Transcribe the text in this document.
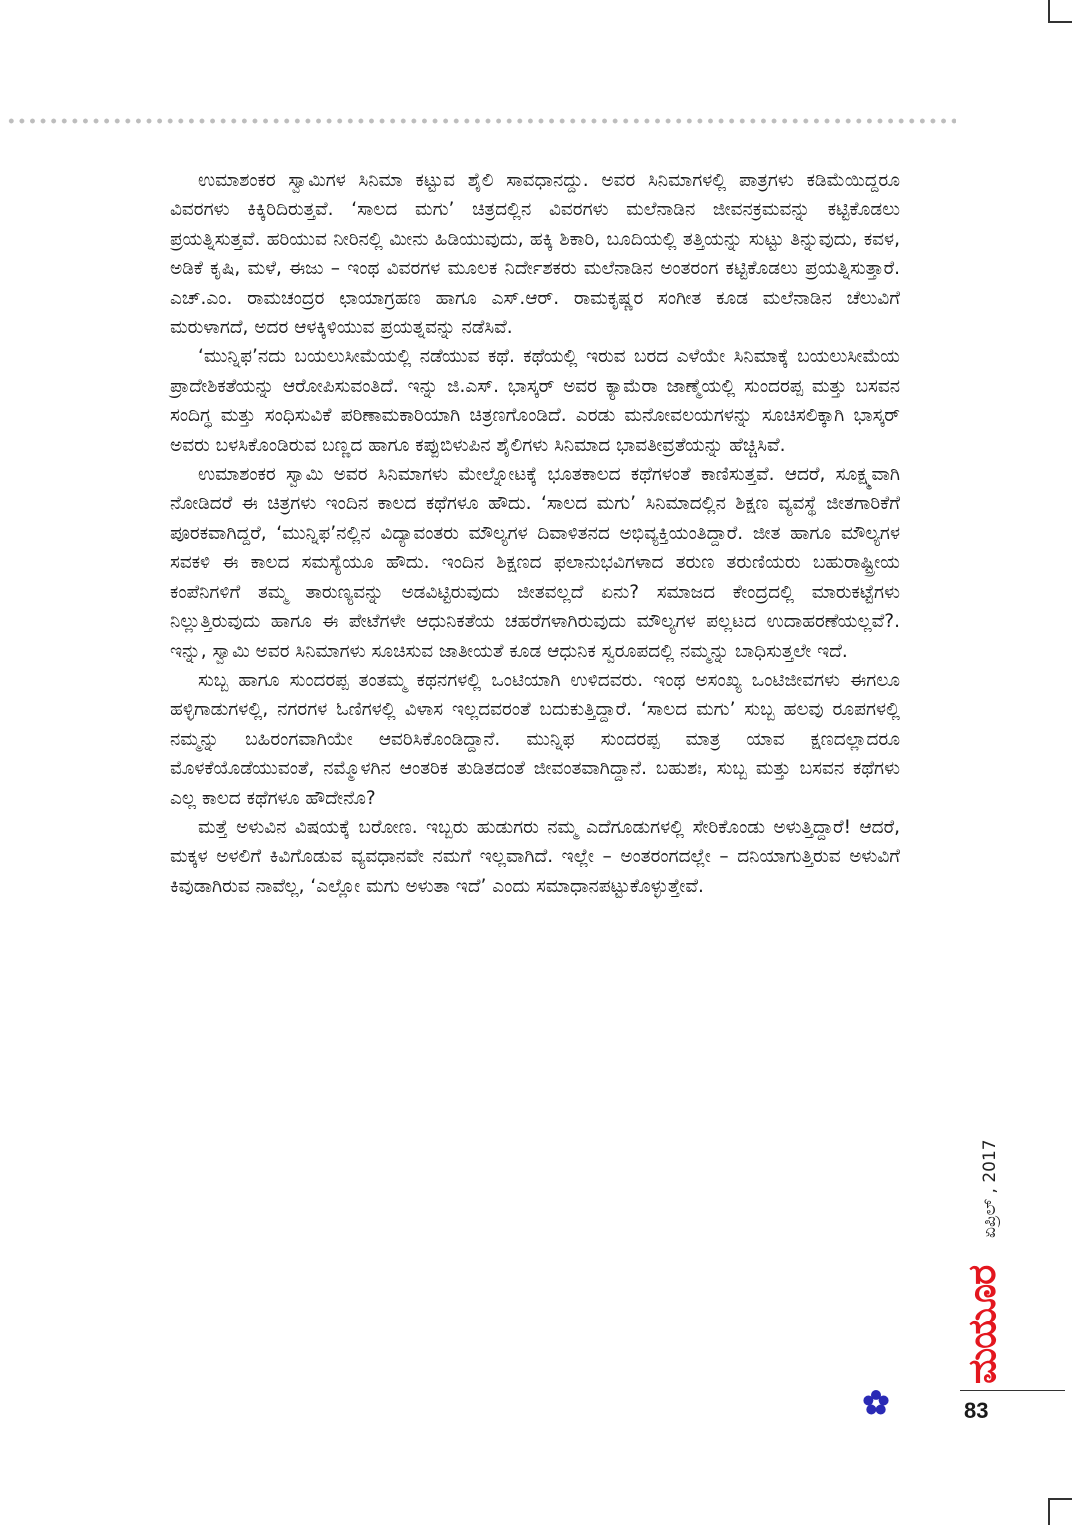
ಉಮಾಶಂಕರ ಸ್ವಾಮಿಗಳ ಸಿನಿಮಾ ಕಟ್ಟುವ ಶೈಲಿ ಸಾವಧಾನದ್ದು. ಅವರ ಸಿನಿಮಾಗಳಲ್ಲಿ ಪಾತ್ರಗಳು ಕಡಿಮೆಯಿದ್ದರೂ ವಿವರಗಳು ಕಿಕ್ಕಿರಿದಿರುತ್ತವೆ. ‘ಸಾಲದ ಮಗು’ ಚಿತ್ರದಲ್ಲಿನ ವಿವರಗಳು ಮಲೆನಾಡಿನ ಜೀವನಕ್ರಮವನ್ನು ಕಟ್ಟಿಕೊಡಲು ಪ್ರಯತ್ನಿಸುತ್ತವೆ. ಹರಿಯುವ ನೀರಿನಲ್ಲಿ ಮೀನು ಹಿಡಿಯುವುದು, ಹಕ್ಕಿ ಶಿಕಾರಿ, ಬೂದಿಯಲ್ಲಿ ತತ್ತಿಯನ್ನು ಸುಟ್ಟು ತಿನ್ನುವುದು, ಕವಳ, ಅಡಿಕೆ ಕೃಷಿ, ಮಳೆ, ಈಜು – ಇಂಥ ವಿವರಗಳ ಮೂಲಕ ನಿರ್ದೇಶಕರು ಮಲೆನಾಡಿನ ಅಂತರಂಗ ಕಟ್ಟಿಕೊಡಲು ಪ್ರಯತ್ನಿಸುತ್ತಾರೆ. ಎಚ್.ಎಂ. ರಾಮಚಂದ್ರರ ಛಾಯಾಗ್ರಹಣ ಹಾಗೂ ಎಸ್.ಆರ್. ರಾಮಕೃಷ್ಣರ ಸಂಗೀತ ಕೂಡ ಮಲೆನಾಡಿನ ಚೆಲುವಿಗೆ ಮರುಳಾಗದೆ, ಅದರ ಆಳಕ್ಕಿಳಿಯುವ ಪ್ರಯತ್ನವನ್ನು ನಡೆಸಿವೆ.

‘ಮುನ್ನಿಫ’ನದು ಬಯಲುಸೀಮೆಯಲ್ಲಿ ನಡೆಯುವ ಕಥೆ. ಕಥೆಯಲ್ಲಿ ಇರುವ ಬರದ ಎಳೆಯೇ ಸಿನಿಮಾಕ್ಕೆ ಬಯಲುಸೀಮೆಯ ಪ್ರಾದೇಶಿಕತೆಯನ್ನು ಆರೋಪಿಸುವಂತಿದೆ. ಇನ್ನು ಜಿ.ಎಸ್. ಭಾಸ್ಕರ್ ಅವರ ಕ್ಯಾಮೆರಾ ಜಾಣ್ಮೆಯಲ್ಲಿ ಸುಂದರಪ್ಪ ಮತ್ತು ಬಸವನ ಸಂದಿಗ್ಧ ಮತ್ತು ಸಂಧಿಸುವಿಕೆ ಪರಿಣಾಮಕಾರಿಯಾಗಿ ಚಿತ್ರಣಗೊಂಡಿದೆ. ಎರಡು ಮನೋವಲಯಗಳನ್ನು ಸೂಚಿಸಲಿಕ್ಕಾಗಿ ಭಾಸ್ಕರ್ ಅವರು ಬಳಸಿಕೊಂಡಿರುವ ಬಣ್ಣದ ಹಾಗೂ ಕಪ್ಪುಬಿಳುಪಿನ ಶೈಲಿಗಳು ಸಿನಿಮಾದ ಭಾವತೀವ್ರತೆಯನ್ನು ಹೆಚ್ಚಿಸಿವೆ.

ಉಮಾಶಂಕರ ಸ್ವಾಮಿ ಅವರ ಸಿನಿಮಾಗಳು ಮೇಲ್ನೋಟಕ್ಕೆ ಭೂತಕಾಲದ ಕಥೆಗಳಂತೆ ಕಾಣಿಸುತ್ತವೆ. ಆದರೆ, ಸೂಕ್ಷ್ಮವಾಗಿ ನೋಡಿದರೆ ಈ ಚಿತ್ರಗಳು ಇಂದಿನ ಕಾಲದ ಕಥೆಗಳೂ ಹೌದು. ‘ಸಾಲದ ಮಗು’ ಸಿನಿಮಾದಲ್ಲಿನ ಶಿಕ್ಷಣ ವ್ಯವಸ್ಥೆ ಜೀತಗಾರಿಕೆಗೆ ಪೂರಕವಾಗಿದ್ದರೆ, ‘ಮುನ್ನಿಫ’ನಲ್ಲಿನ ವಿದ್ಯಾವಂತರು ಮೌಲ್ಯಗಳ ದಿವಾಳಿತನದ ಅಭಿವ್ಯಕ್ತಿಯಂತಿದ್ದಾರೆ. ಜೀತ ಹಾಗೂ ಮೌಲ್ಯಗಳ ಸವಕಳಿ ಈ ಕಾಲದ ಸಮಸ್ಯೆಯೂ ಹೌದು. ಇಂದಿನ ಶಿಕ್ಷಣದ ಫಲಾನುಭವಿಗಳಾದ ತರುಣ ತರುಣಿಯರು ಬಹುರಾಷ್ಟ್ರೀಯ ಕಂಪೆನಿಗಳಿಗೆ ತಮ್ಮ ತಾರುಣ್ಯವನ್ನು ಅಡವಿಟ್ಟಿರುವುದು ಜೀತವಲ್ಲದೆ ಏನು? ಸಮಾಜದ ಕೇಂದ್ರದಲ್ಲಿ ಮಾರುಕಟ್ಟೆಗಳು ನಿಲ್ಲುತ್ತಿರುವುದು ಹಾಗೂ ಈ ಪೇಟೆಗಳೇ ಆಧುನಿಕತೆಯ ಚಹರೆಗಳಾಗಿರುವುದು ಮೌಲ್ಯಗಳ ಪಲ್ಲಟದ ಉದಾಹರಣೆಯಲ್ಲವೆ?. ಇನ್ನು, ಸ್ವಾಮಿ ಅವರ ಸಿನಿಮಾಗಳು ಸೂಚಿಸುವ ಜಾತೀಯತೆ ಕೂಡ ಆಧುನಿಕ ಸ್ವರೂಪದಲ್ಲಿ ನಮ್ಮನ್ನು ಬಾಧಿಸುತ್ತಲೇ ಇದೆ.

ಸುಬ್ಬ ಹಾಗೂ ಸುಂದರಪ್ಪ ತಂತಮ್ಮ ಕಥನಗಳಲ್ಲಿ ಒಂಟಿಯಾಗಿ ಉಳಿದವರು. ಇಂಥ ಅಸಂಖ್ಯ ಒಂಟಿಜೀವಗಳು ಈಗಲೂ ಹಳ್ಳಿಗಾಡುಗಳಲ್ಲಿ, ನಗರಗಳ ಓಣಿಗಳಲ್ಲಿ ವಿಳಾಸ ಇಲ್ಲದವರಂತೆ ಬದುಕುತ್ತಿದ್ದಾರೆ. ‘ಸಾಲದ ಮಗು’ ಸುಬ್ಬ ಹಲವು ರೂಪಗಳಲ್ಲಿ ನಮ್ಮನ್ನು ಬಹಿರಂಗವಾಗಿಯೇ ಆವರಿಸಿಕೊಂಡಿದ್ದಾನೆ. ಮುನ್ನಿಫ ಸುಂದರಪ್ಪ ಮಾತ್ರ ಯಾವ ಕ್ಷಣದಲ್ಲಾದರೂ ಮೊಳಕೆಯೊಡೆಯುವಂತೆ, ನಮ್ಮೊಳಗಿನ ಆಂತರಿಕ ತುಡಿತದಂತೆ ಜೀವಂತವಾಗಿದ್ದಾನೆ. ಬಹುಶಃ, ಸುಬ್ಬ ಮತ್ತು ಬಸವನ ಕಥೆಗಳು ಎಲ್ಲ ಕಾಲದ ಕಥೆಗಳೂ ಹೌದೇನೊ?

ಮತ್ತೆ ಅಳುವಿನ ವಿಷಯಕ್ಕೆ ಬರೋಣ. ಇಬ್ಬರು ಹುಡುಗರು ನಮ್ಮ ಎದೆಗೂಡುಗಳಲ್ಲಿ ಸೇರಿಕೊಂಡು ಅಳುತ್ತಿದ್ದಾರೆ! ಆದರೆ, ಮಕ್ಕಳ ಅಳಲಿಗೆ ಕಿವಿಗೊಡುವ ವ್ಯವಧಾನವೇ ನಮಗೆ ಇಲ್ಲವಾಗಿದೆ. ಇಲ್ಲೇ – ಅಂತರಂಗದಲ್ಲೇ – ದನಿಯಾಗುತ್ತಿರುವ ಅಳುವಿಗೆ ಕಿವುಡಾಗಿರುವ ನಾವೆಲ್ಲ, ‘ಎಲ್ಲೋ ಮಗು ಅಳುತಾ ಇದೆ’ ಎಂದು ಸಮಾಧಾನಪಟ್ಟುಕೊಳ್ಳುತ್ತೇವೆ.

ಏಪ್ರಿಲ್ , 2017
ಮಯೂರ
83
